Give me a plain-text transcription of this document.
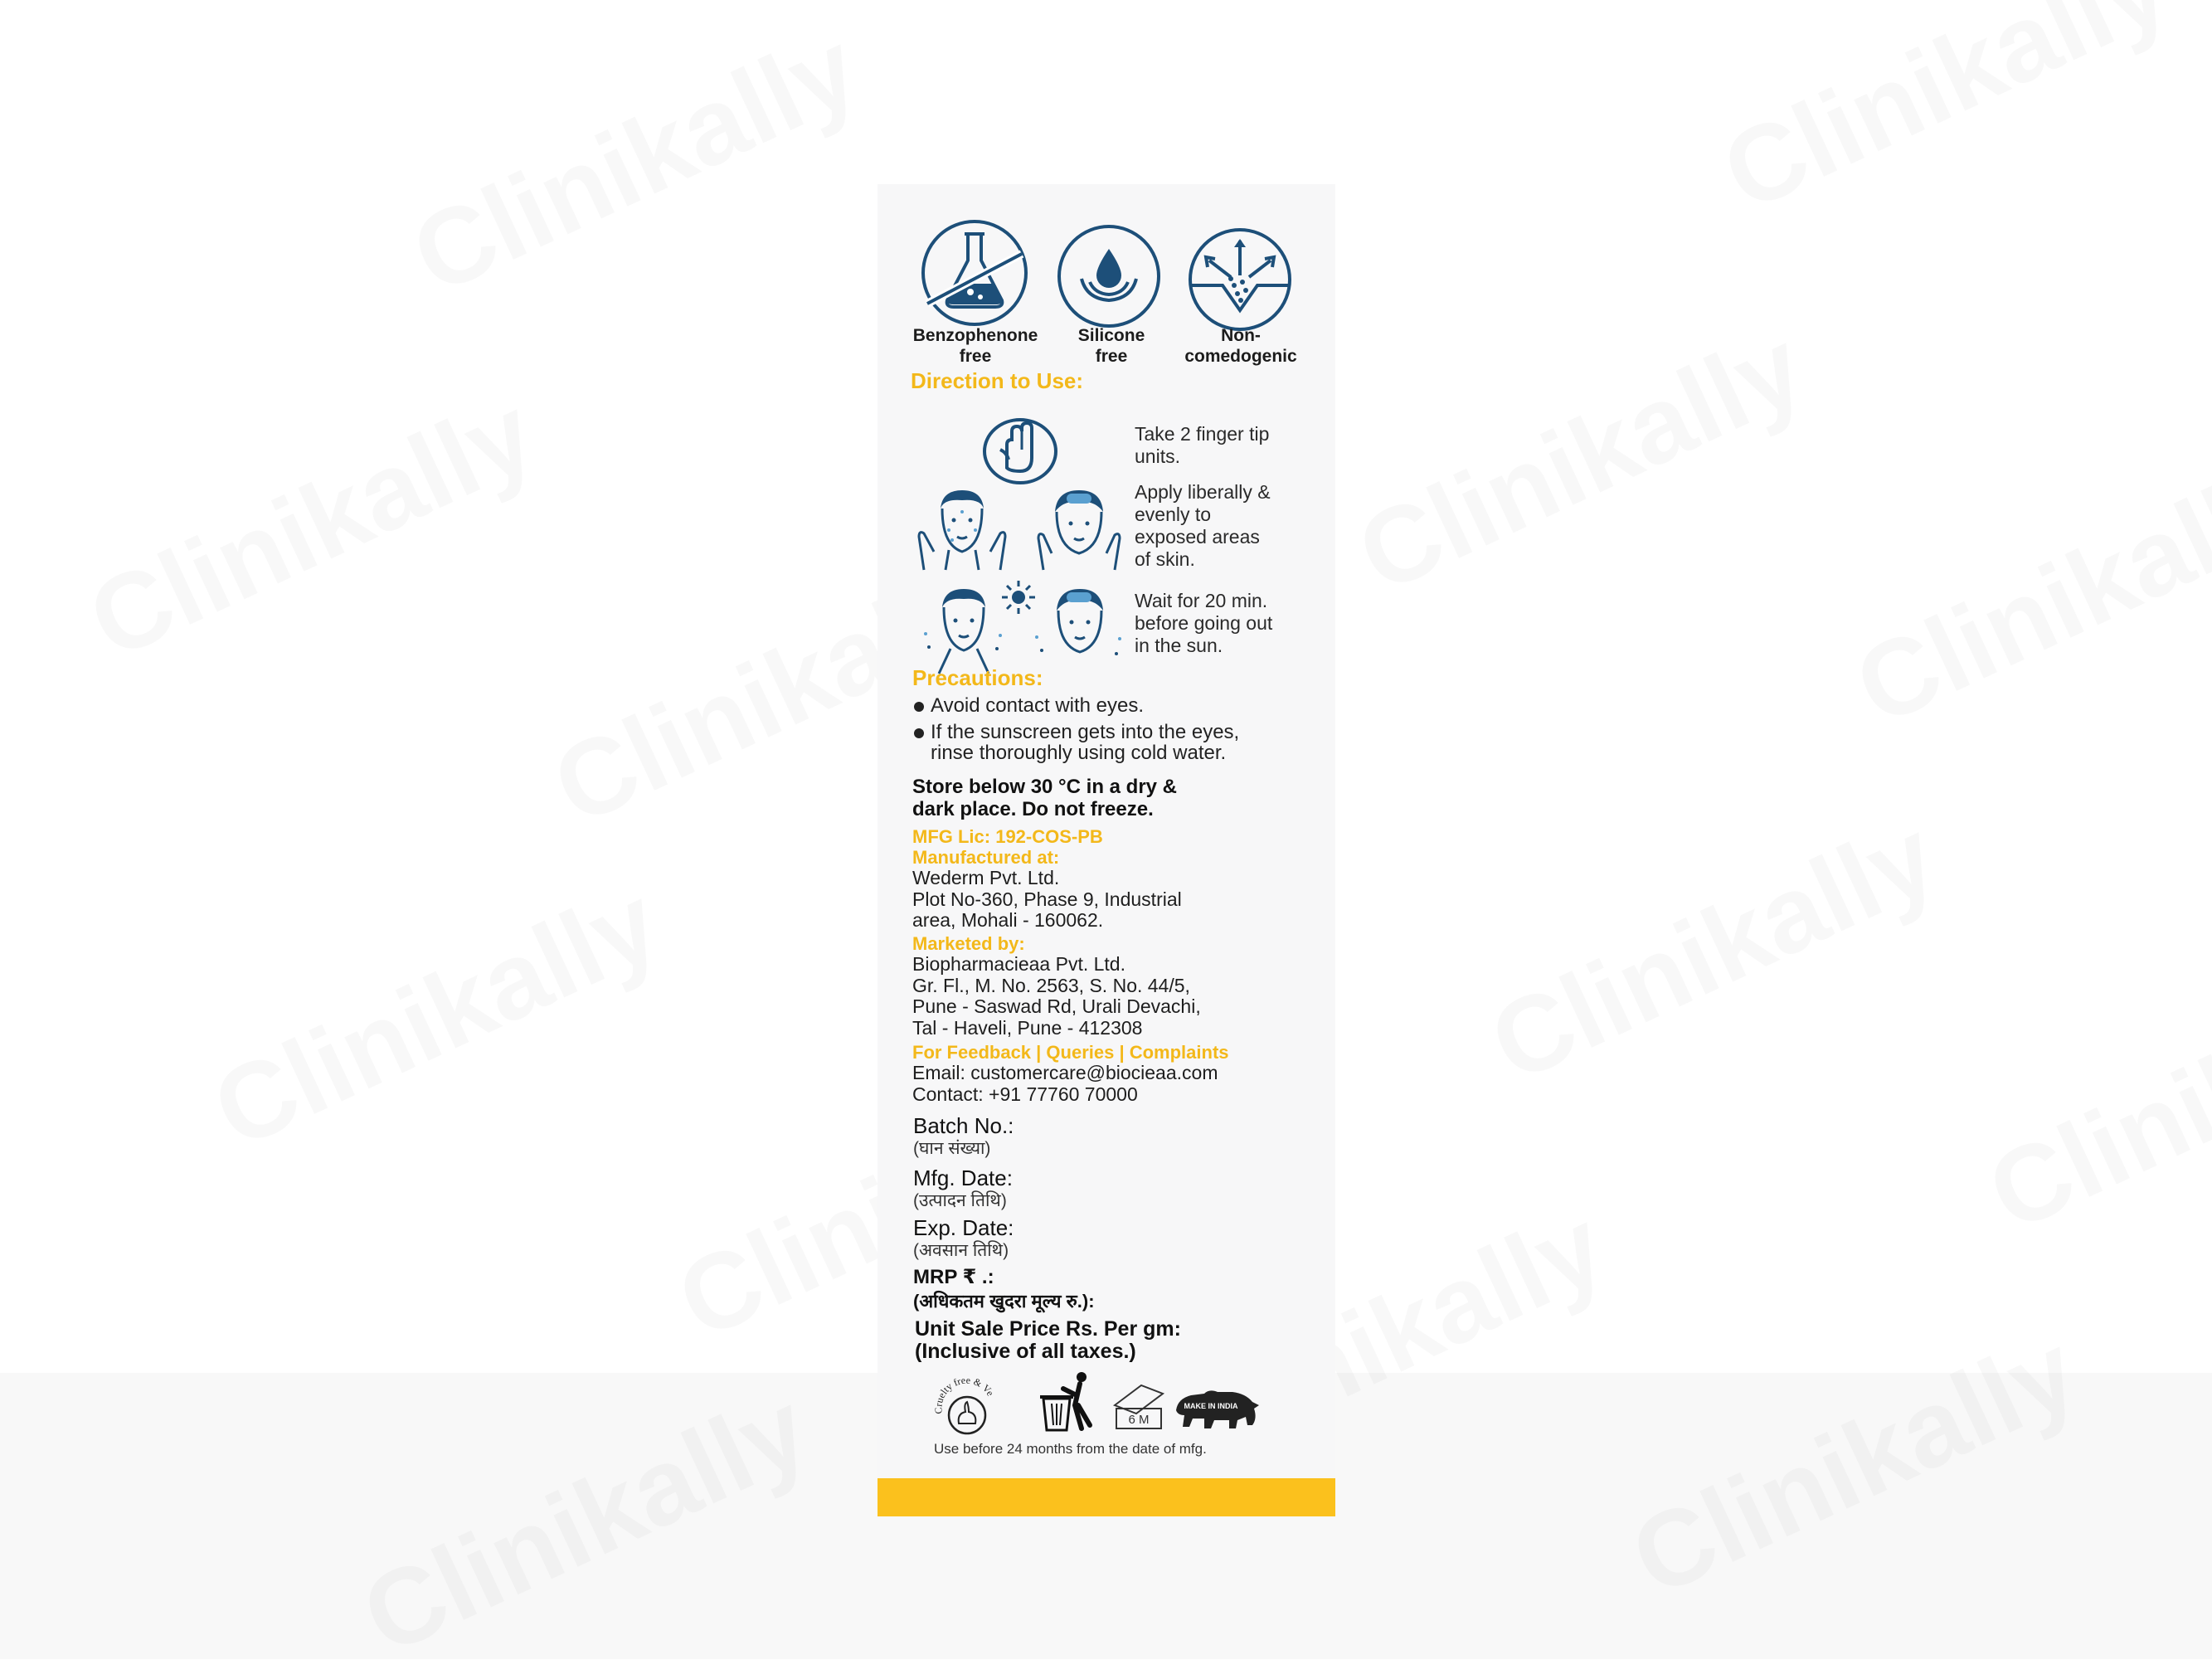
Benzophenone
free
Silicone
free
Non-
comedogenic
Direction to Use:
Take 2 finger tip
units.
Apply liberally &
evenly to
exposed areas
of skin.
Wait for 20 min.
before going out
in the sun.
Precautions:
Avoid contact with eyes.
If the sunscreen gets into the eyes,
rinse thoroughly using cold water.
Store below 30 °C in a dry &
dark place. Do not freeze.
MFG Lic: 192-COS-PB
Manufactured at:
Wederm Pvt. Ltd.
Plot No-360, Phase 9, Industrial
area, Mohali - 160062.
Marketed by:
Biopharmacieaa Pvt. Ltd.
Gr. Fl., M. No. 2563, S. No. 44/5,
Pune - Saswad Rd, Urali Devachi,
Tal - Haveli, Pune - 412308
For Feedback | Queries | Complaints
Email: customercare@biocieaa.com
Contact: +91 77760 70000
Batch No.:
(घान संख्या)
Mfg. Date:
(उत्पादन तिथि)
Exp. Date:
(अवसान तिथि)
MRP ₹ .:
(अधिकतम खुदरा मूल्य रु.):
Unit Sale Price Rs. Per gm:
(Inclusive of all taxes.)
uelty free & Ve
6 M
MAKE IN INDIA
Use before 24 months from the date of mfg.
